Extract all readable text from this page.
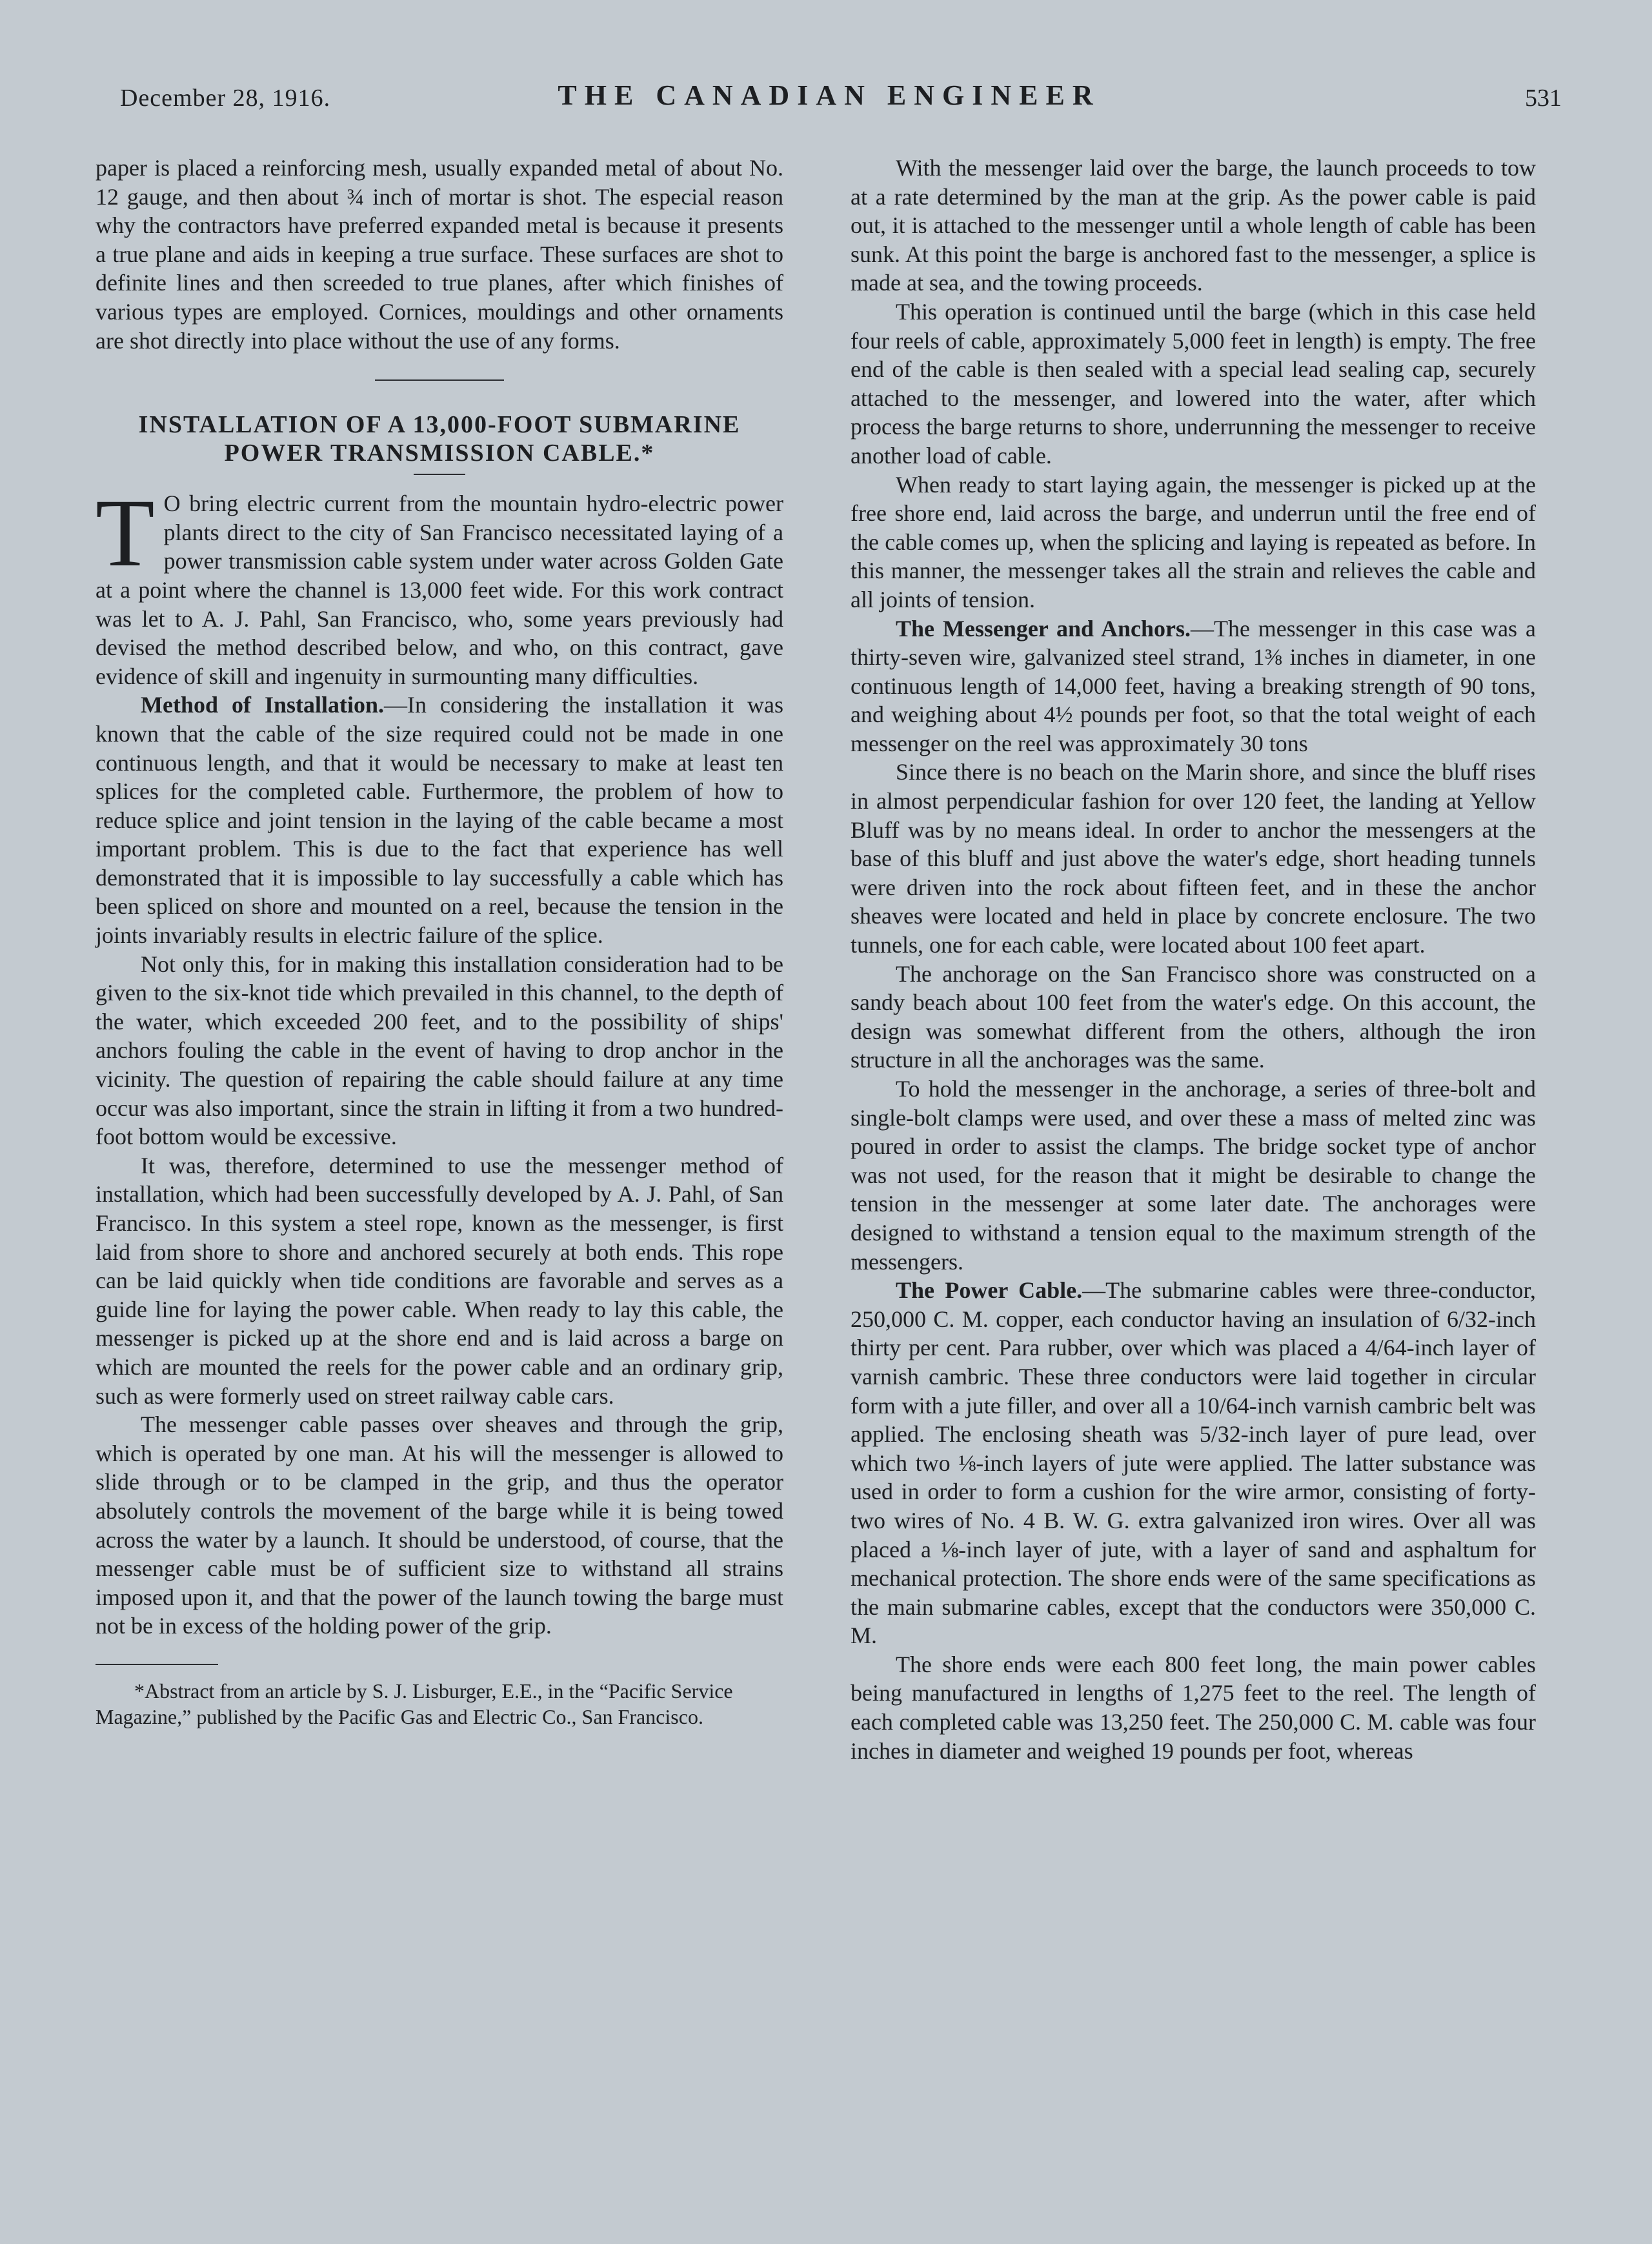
December 28, 1916.	THE CANADIAN ENGINEER	531

paper is placed a reinforcing mesh, usually expanded metal of about No. 12 gauge, and then about ¾ inch of mortar is shot. The especial reason why the contractors have preferred expanded metal is because it presents a true plane and aids in keeping a true surface. These surfaces are shot to definite lines and then screeded to true planes, after which finishes of various types are employed. Cornices, mouldings and other ornaments are shot directly into place without the use of any forms.

INSTALLATION OF A 13,000-FOOT SUBMARINE POWER TRANSMISSION CABLE.*

T O bring electric current from the mountain hydro-electric power plants direct to the city of San Francisco necessitated laying of a power transmission cable system under water across Golden Gate at a point where the channel is 13,000 feet wide. For this work contract was let to A. J. Pahl, San Francisco, who, some years previously had devised the method described below, and who, on this contract, gave evidence of skill and ingenuity in surmounting many difficulties.

Method of Installation.—In considering the installation it was known that the cable of the size required could not be made in one continuous length, and that it would be necessary to make at least ten splices for the completed cable. Furthermore, the problem of how to reduce splice and joint tension in the laying of the cable became a most important problem. This is due to the fact that experience has well demonstrated that it is impossible to lay successfully a cable which has been spliced on shore and mounted on a reel, because the tension in the joints invariably results in electric failure of the splice.

Not only this, for in making this installation consideration had to be given to the six-knot tide which prevailed in this channel, to the depth of the water, which exceeded 200 feet, and to the possibility of ships' anchors fouling the cable in the event of having to drop anchor in the vicinity. The question of repairing the cable should failure at any time occur was also important, since the strain in lifting it from a two hundred-foot bottom would be excessive.

It was, therefore, determined to use the messenger method of installation, which had been successfully developed by A. J. Pahl, of San Francisco. In this system a steel rope, known as the messenger, is first laid from shore to shore and anchored securely at both ends. This rope can be laid quickly when tide conditions are favorable and serves as a guide line for laying the power cable. When ready to lay this cable, the messenger is picked up at the shore end and is laid across a barge on which are mounted the reels for the power cable and an ordinary grip, such as were formerly used on street railway cable cars.

The messenger cable passes over sheaves and through the grip, which is operated by one man. At his will the messenger is allowed to slide through or to be clamped in the grip, and thus the operator absolutely controls the movement of the barge while it is being towed across the water by a launch. It should be understood, of course, that the messenger cable must be of sufficient size to withstand all strains imposed upon it, and that the power of the launch towing the barge must not be in excess of the holding power of the grip.

*Abstract from an article by S. J. Lisburger, E.E., in the “Pacific Service Magazine,” published by the Pacific Gas and Electric Co., San Francisco.

With the messenger laid over the barge, the launch proceeds to tow at a rate determined by the man at the grip. As the power cable is paid out, it is attached to the messenger until a whole length of cable has been sunk. At this point the barge is anchored fast to the messenger, a splice is made at sea, and the towing proceeds.

This operation is continued until the barge (which in this case held four reels of cable, approximately 5,000 feet in length) is empty. The free end of the cable is then sealed with a special lead sealing cap, securely attached to the messenger, and lowered into the water, after which process the barge returns to shore, underrunning the messenger to receive another load of cable.

When ready to start laying again, the messenger is picked up at the free shore end, laid across the barge, and underrun until the free end of the cable comes up, when the splicing and laying is repeated as before. In this manner, the messenger takes all the strain and relieves the cable and all joints of tension.

The Messenger and Anchors.—The messenger in this case was a thirty-seven wire, galvanized steel strand, 1⅜ inches in diameter, in one continuous length of 14,000 feet, having a breaking strength of 90 tons, and weighing about 4½ pounds per foot, so that the total weight of each messenger on the reel was approximately 30 tons

Since there is no beach on the Marin shore, and since the bluff rises in almost perpendicular fashion for over 120 feet, the landing at Yellow Bluff was by no means ideal. In order to anchor the messengers at the base of this bluff and just above the water's edge, short heading tunnels were driven into the rock about fifteen feet, and in these the anchor sheaves were located and held in place by concrete enclosure. The two tunnels, one for each cable, were located about 100 feet apart.

The anchorage on the San Francisco shore was constructed on a sandy beach about 100 feet from the water's edge. On this account, the design was somewhat different from the others, although the iron structure in all the anchorages was the same.

To hold the messenger in the anchorage, a series of three-bolt and single-bolt clamps were used, and over these a mass of melted zinc was poured in order to assist the clamps. The bridge socket type of anchor was not used, for the reason that it might be desirable to change the tension in the messenger at some later date. The anchorages were designed to withstand a tension equal to the maximum strength of the messengers.

The Power Cable.—The submarine cables were three-conductor, 250,000 C. M. copper, each conductor having an insulation of 6/32-inch thirty per cent. Para rubber, over which was placed a 4/64-inch layer of varnish cambric. These three conductors were laid together in circular form with a jute filler, and over all a 10/64-inch varnish cambric belt was applied. The enclosing sheath was 5/32-inch layer of pure lead, over which two ⅛-inch layers of jute were applied. The latter substance was used in order to form a cushion for the wire armor, consisting of forty-two wires of No. 4 B. W. G. extra galvanized iron wires. Over all was placed a ⅛-inch layer of jute, with a layer of sand and asphaltum for mechanical protection. The shore ends were of the same specifications as the main submarine cables, except that the conductors were 350,000 C. M.

The shore ends were each 800 feet long, the main power cables being manufactured in lengths of 1,275 feet to the reel. The length of each completed cable was 13,250 feet. The 250,000 C. M. cable was four inches in diameter and weighed 19 pounds per foot, whereas
